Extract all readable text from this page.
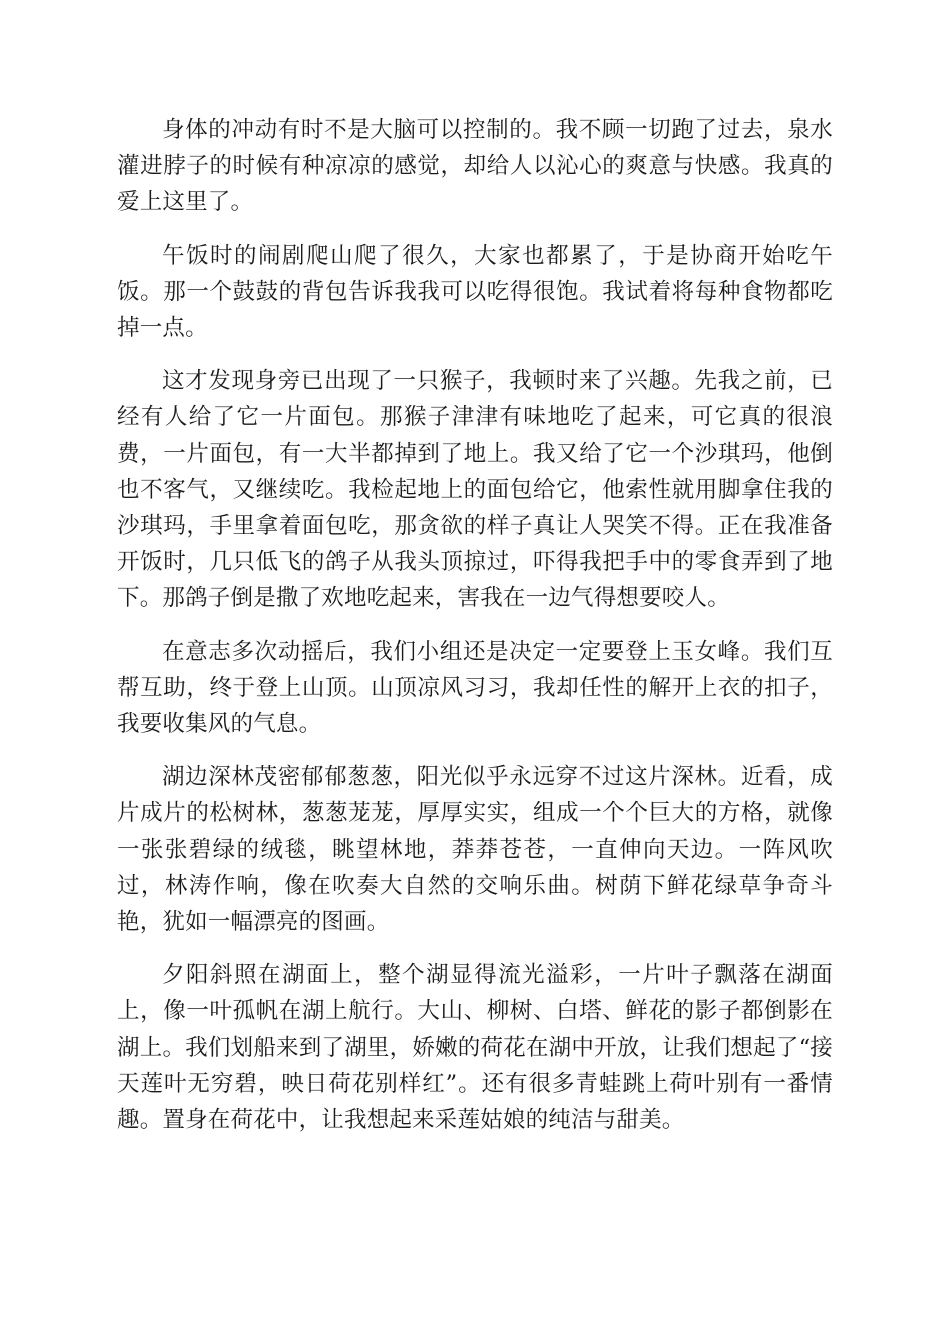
身体的冲动有时不是大脑可以控制的。我不顾一切跑了过去，泉水灌进脖子的时候有种凉凉的感觉，却给人以沁心的爽意与快感。我真的爱上这里了。

午饭时的闹剧爬山爬了很久，大家也都累了，于是协商开始吃午饭。那一个鼓鼓的背包告诉我我可以吃得很饱。我试着将每种食物都吃掉一点。

这才发现身旁已出现了一只猴子，我顿时来了兴趣。先我之前，已经有人给了它一片面包。那猴子津津有味地吃了起来，可它真的很浪费，一片面包，有一大半都掉到了地上。我又给了它一个沙琪玛，他倒也不客气，又继续吃。我检起地上的面包给它，他索性就用脚拿住我的沙琪玛，手里拿着面包吃，那贪欲的样子真让人哭笑不得。正在我准备开饭时，几只低飞的鸽子从我头顶掠过，吓得我把手中的零食弄到了地下。那鸽子倒是撒了欢地吃起来，害我在一边气得想要咬人。

在意志多次动摇后，我们小组还是决定一定要登上玉女峰。我们互帮互助，终于登上山顶。山顶凉风习习，我却任性的解开上衣的扣子，我要收集风的气息。

湖边深林茂密郁郁葱葱，阳光似乎永远穿不过这片深林。近看，成片成片的松树林，葱葱茏茏，厚厚实实，组成一个个巨大的方格，就像一张张碧绿的绒毯，眺望林地，莽莽苍苍，一直伸向天边。一阵风吹过，林涛作响，像在吹奏大自然的交响乐曲。树荫下鲜花绿草争奇斗艳，犹如一幅漂亮的图画。

夕阳斜照在湖面上，整个湖显得流光溢彩，一片叶子飘落在湖面上，像一叶孤帆在湖上航行。大山、柳树、白塔、鲜花的影子都倒影在湖上。我们划船来到了湖里，娇嫩的荷花在湖中开放，让我们想起了“接天莲叶无穷碧，映日荷花别样红”。还有很多青蛙跳上荷叶别有一番情趣。置身在荷花中，让我想起来采莲姑娘的纯洁与甜美。
